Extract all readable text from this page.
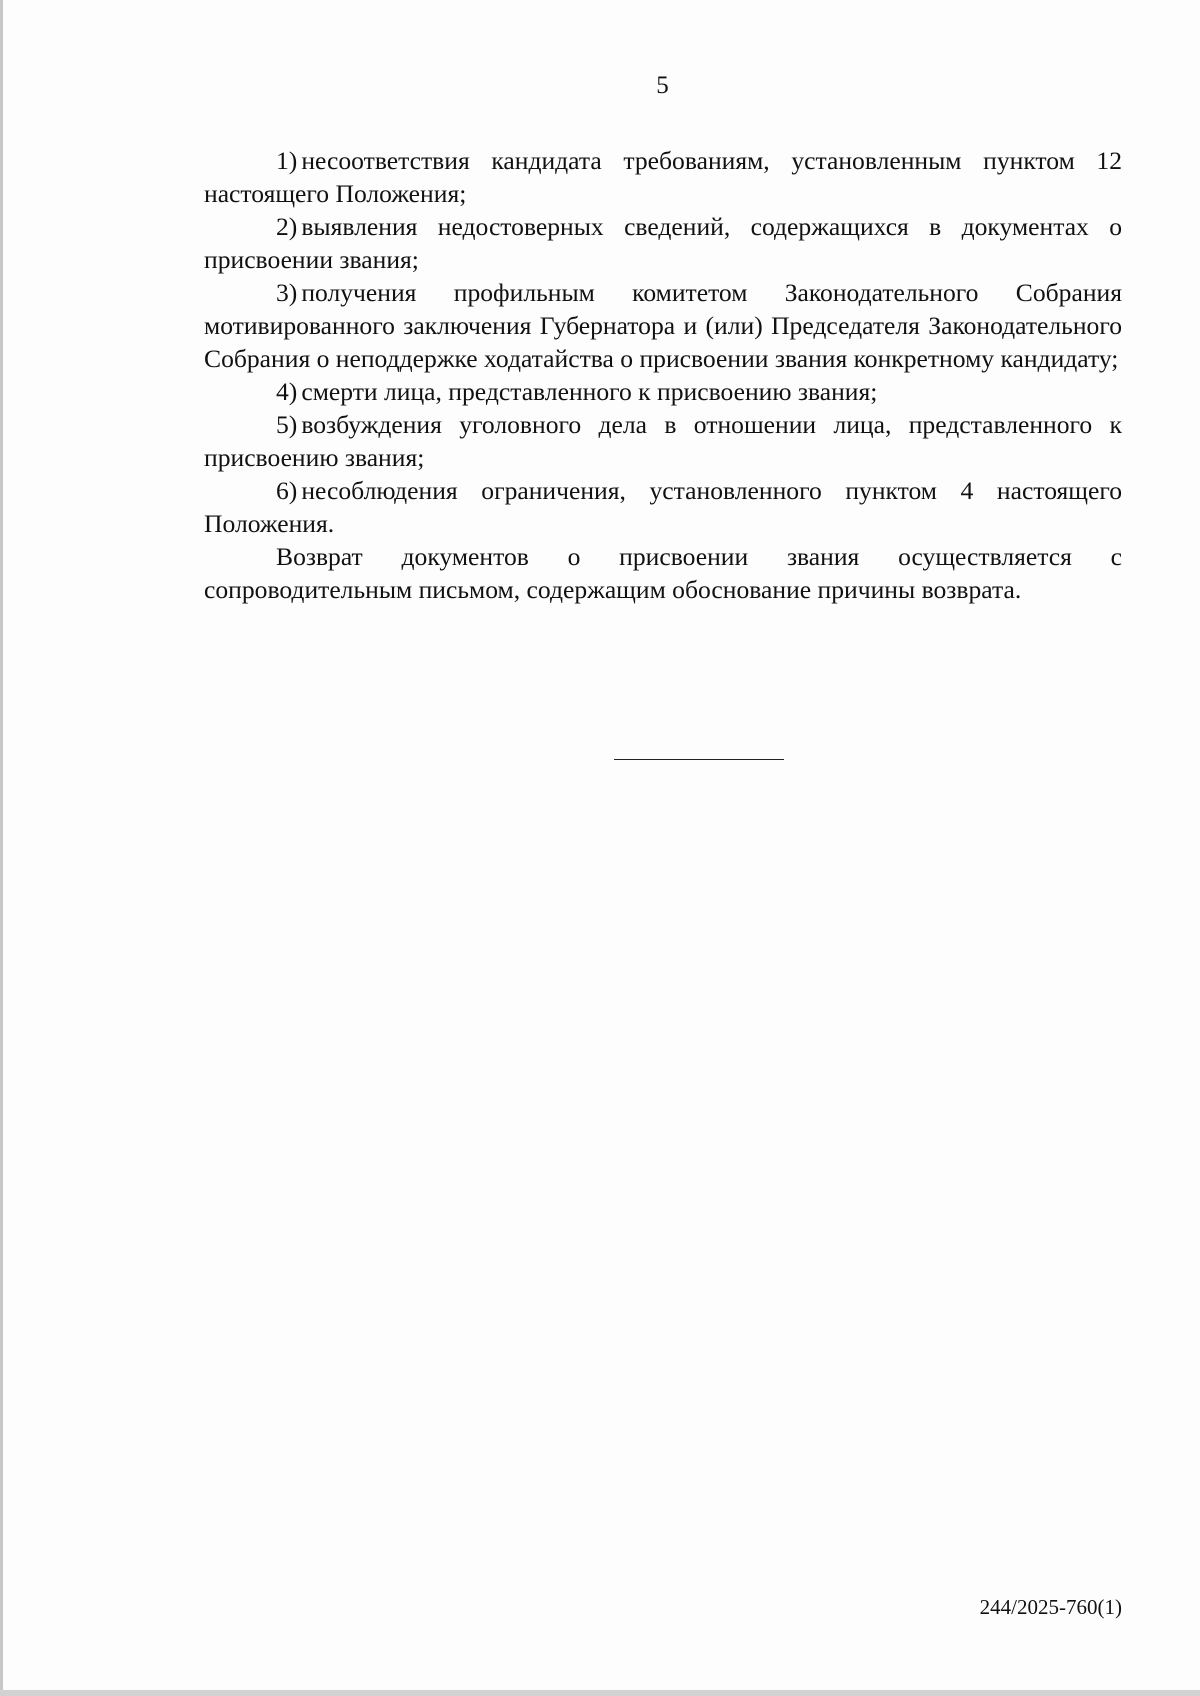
5

1) несоответствия кандидата требованиям, установленным пунктом 12 настоящего Положения;

2) выявления недостоверных сведений, содержащихся в документах о присвоении звания;

3) получения профильным комитетом Законодательного Собрания мотивированного заключения Губернатора и (или) Председателя Законодательного Собрания о неподдержке ходатайства о присвоении звания конкретному кандидату;

4) смерти лица, представленного к присвоению звания;

5) возбуждения уголовного дела в отношении лица, представленного к присвоению звания;

6) несоблюдения ограничения, установленного пунктом 4 настоящего Положения.

Возврат документов о присвоении звания осуществляется с сопроводительным письмом, содержащим обоснование причины возврата.

244/2025-760(1)
